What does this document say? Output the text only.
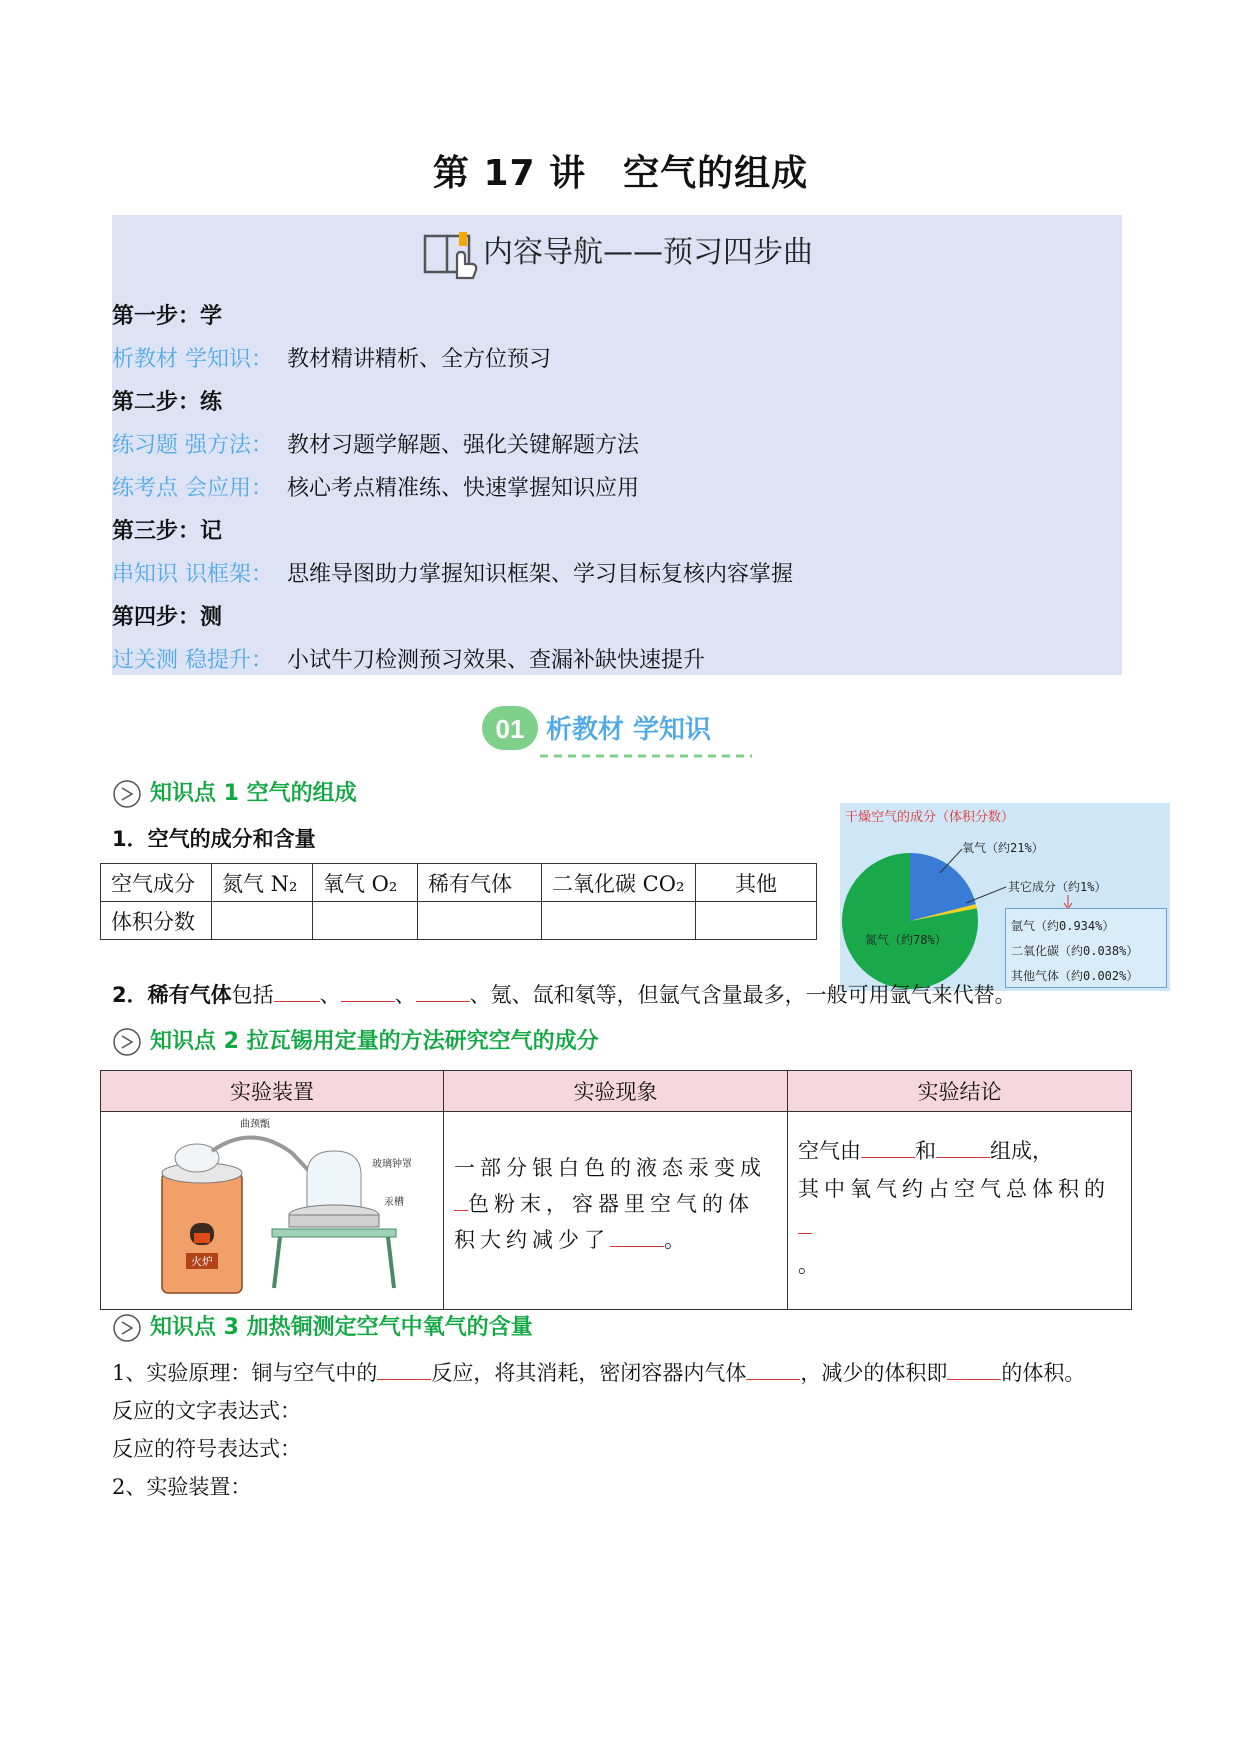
第 17 讲　空气的组成
内容导航——预习四步曲
第一步：学
析教材 学知识： 教材精讲精析、全方位预习
第二步：练
练习题 强方法： 教材习题学解题、强化关键解题方法
练考点 会应用： 核心考点精准练、快速掌握知识应用
第三步：记
串知识 识框架： 思维导图助力掌握知识框架、学习目标复核内容掌握
第四步：测
过关测 稳提升： 小试牛刀检测预习效果、查漏补缺快速提升
01 析教材 学知识
知识点 1 空气的组成
1．空气的成分和含量
空气成分	氮气 N₂	氧气 O₂	稀有气体	二氧化碳 CO₂	其他
体积分数					
干燥空气的成分（体积分数）
氧气（约21%）
其它成分（约1%）
氮气（约78%）
氩气（约0.934%）
二氧化碳（约0.038%）
其他气体（约0.002%）
2．稀有气体包括 、	、	、氪、氙和氡等，但氩气含量最多，一般可用氩气来代替。
知识点 2 拉瓦锡用定量的方法研究空气的成分
实验装置	实验现象	实验结论

火炉
曲颈甑
玻璃钟罩
汞槽	一部分银白色的液态汞变成色粉末，容器里空气的体积大约减少了 。	空气由 和 组成，
其中氧气约占空气总体积的
。
知识点 3 加热铜测定空气中氧气的含量
1、实验原理：铜与空气中的	反应，将其消耗，密闭容器内气体	，减少的体积即	的体积。
反应的文字表达式：
反应的符号表达式：
2、实验装置：
